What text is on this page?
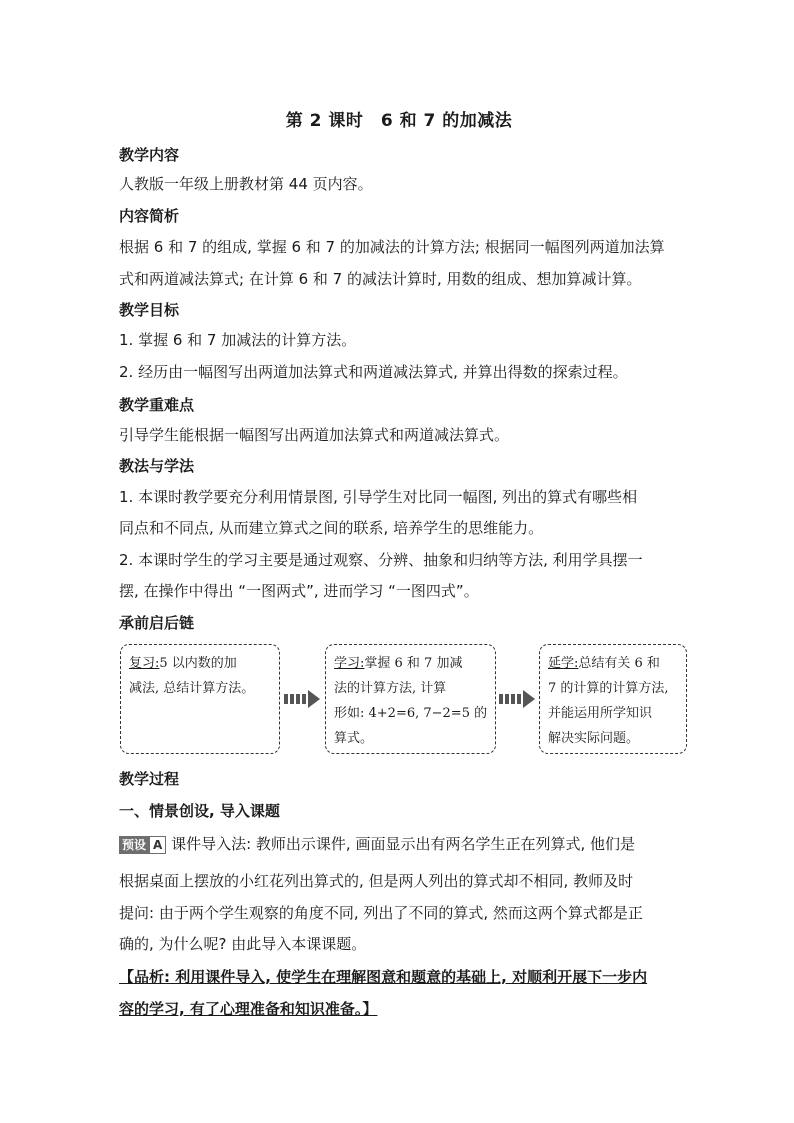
第 2 课时　6 和 7 的加减法
教学内容
人教版一年级上册教材第 44 页内容。
内容简析
根据 6 和 7 的组成, 掌握 6 和 7 的加减法的计算方法; 根据同一幅图列两道加法算
式和两道减法算式; 在计算 6 和 7 的减法计算时, 用数的组成、想加算减计算。
教学目标
1. 掌握 6 和 7 加减法的计算方法。
2. 经历由一幅图写出两道加法算式和两道减法算式, 并算出得数的探索过程。
教学重难点
引导学生能根据一幅图写出两道加法算式和两道减法算式。
教法与学法
1. 本课时教学要充分利用情景图, 引导学生对比同一幅图, 列出的算式有哪些相
同点和不同点, 从而建立算式之间的联系, 培养学生的思维能力。
2. 本课时学生的学习主要是通过观察、分辨、抽象和归纳等方法, 利用学具摆一
摆, 在操作中得出 “一图两式”, 进而学习 “一图四式”。
承前启后链
复习:5 以内数的加
减法, 总结计算方法。
学习:掌握 6 和 7 加减
法的计算方法, 计算
形如: 4+2=6, 7−2=5 的
算式。
延学:总结有关 6 和
7 的计算的计算方法,
并能运用所学知识
解决实际问题。
教学过程
一、情景创设, 导入课题
预设 A 课件导入法: 教师出示课件, 画面显示出有两名学生正在列算式, 他们是
根据桌面上摆放的小红花列出算式的, 但是两人列出的算式却不相同, 教师及时
提问: 由于两个学生观察的角度不同, 列出了不同的算式, 然而这两个算式都是正
确的, 为什么呢? 由此导入本课课题。
【品析: 利用课件导入, 使学生在理解图意和题意的基础上, 对顺利开展下一步内
容的学习, 有了心理准备和知识准备。】
